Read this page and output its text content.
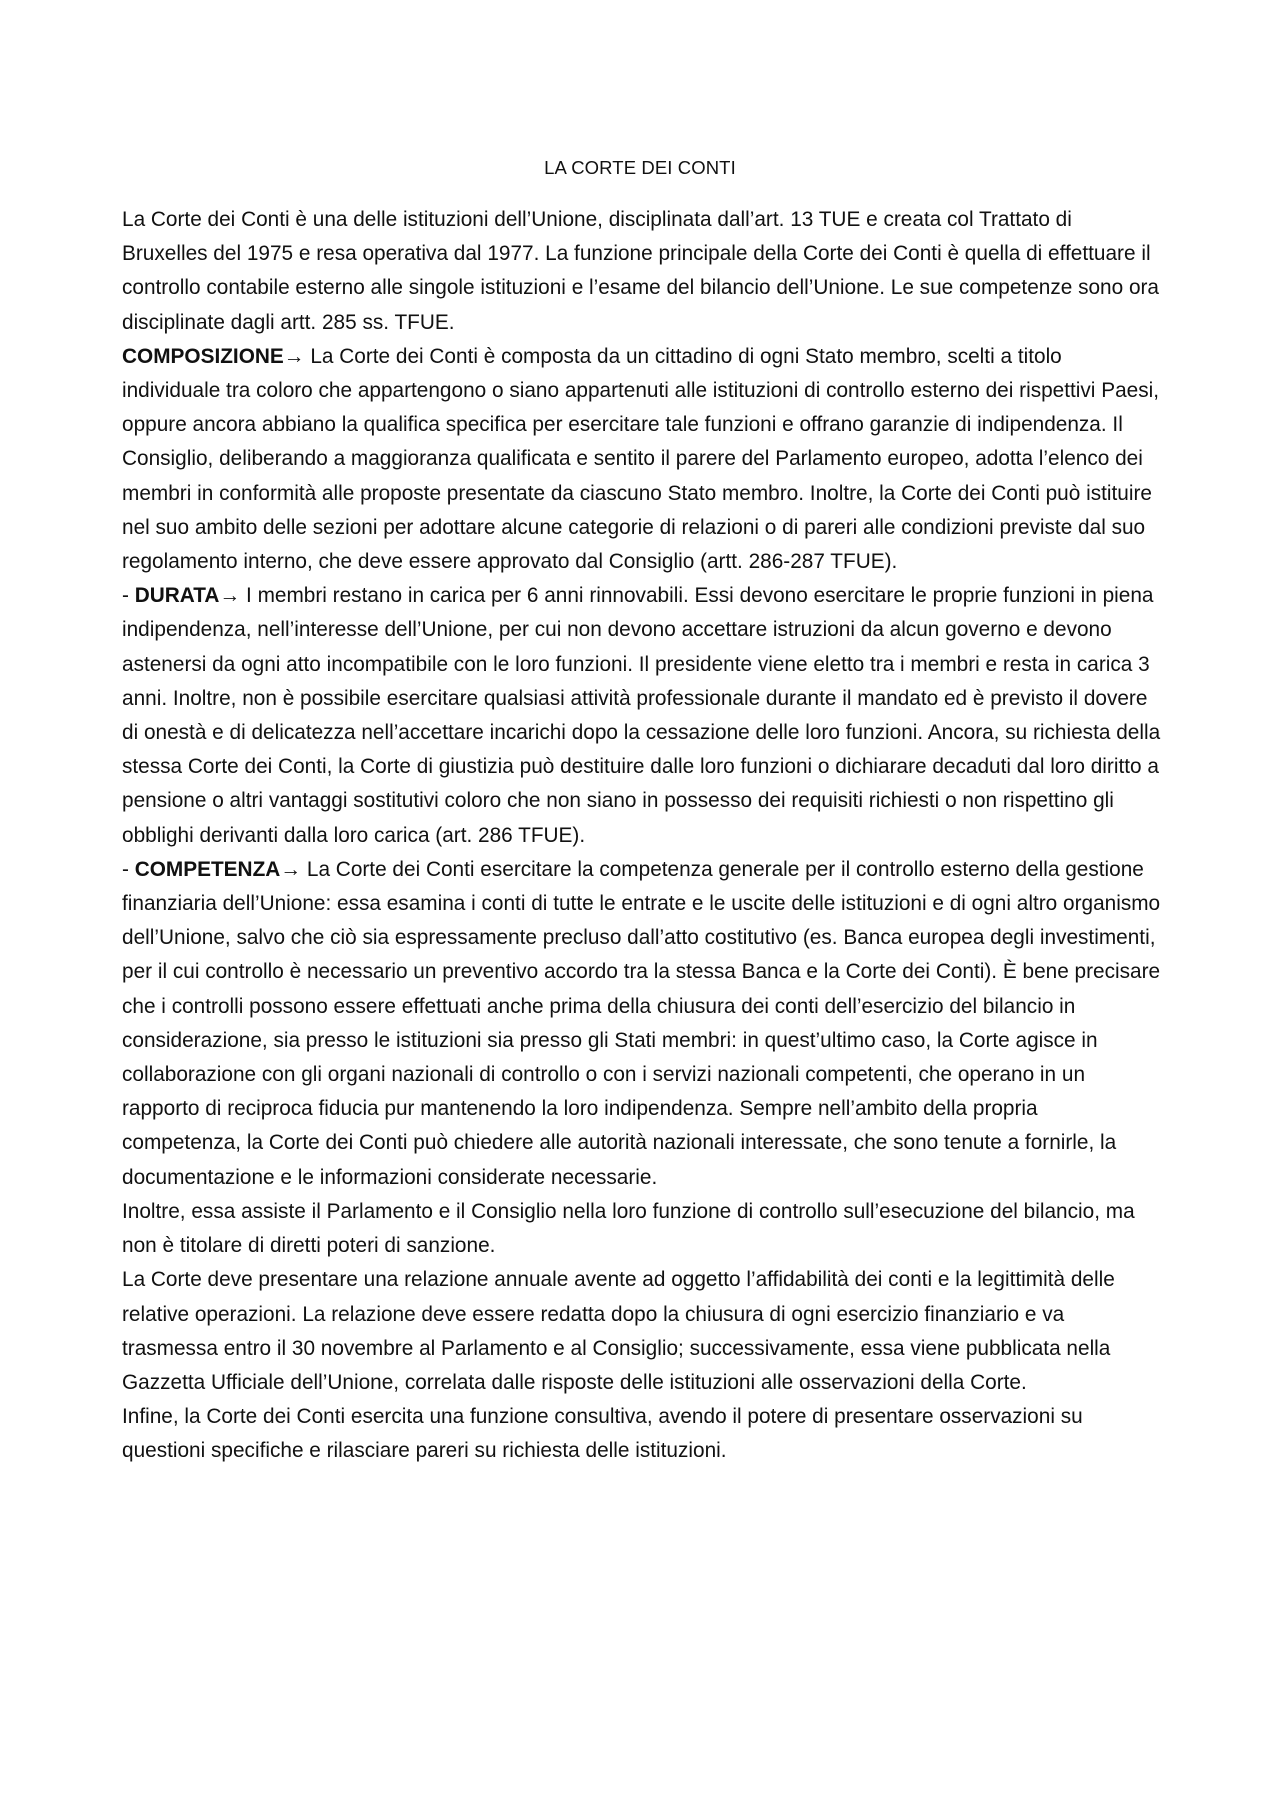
LA CORTE DEI CONTI

La Corte dei Conti è una delle istituzioni dell’Unione, disciplinata dall’art. 13 TUE e creata col Trattato di Bruxelles del 1975 e resa operativa dal 1977. La funzione principale della Corte dei Conti è quella di effettuare il controllo contabile esterno alle singole istituzioni e l’esame del bilancio dell’Unione. Le sue competenze sono ora disciplinate dagli artt. 285 ss. TFUE.

COMPOSIZIONE→ La Corte dei Conti è composta da un cittadino di ogni Stato membro, scelti a titolo individuale tra coloro che appartengono o siano appartenuti alle istituzioni di controllo esterno dei rispettivi Paesi, oppure ancora abbiano la qualifica specifica per esercitare tale funzioni e offrano garanzie di indipendenza. Il Consiglio, deliberando a maggioranza qualificata e sentito il parere del Parlamento europeo, adotta l’elenco dei membri in conformità alle proposte presentate da ciascuno Stato membro. Inoltre, la Corte dei Conti può istituire nel suo ambito delle sezioni per adottare alcune categorie di relazioni o di pareri alle condizioni previste dal suo regolamento interno, che deve essere approvato dal Consiglio (artt. 286-287 TFUE).

- DURATA→ I membri restano in carica per 6 anni rinnovabili. Essi devono esercitare le proprie funzioni in piena indipendenza, nell’interesse dell’Unione, per cui non devono accettare istruzioni da alcun governo e devono astenersi da ogni atto incompatibile con le loro funzioni. Il presidente viene eletto tra i membri e resta in carica 3 anni. Inoltre, non è possibile esercitare qualsiasi attività professionale durante il mandato ed è previsto il dovere di onestà e di delicatezza nell’accettare incarichi dopo la cessazione delle loro funzioni. Ancora, su richiesta della stessa Corte dei Conti, la Corte di giustizia può destituire dalle loro funzioni o dichiarare decaduti dal loro diritto a pensione o altri vantaggi sostitutivi coloro che non siano in possesso dei requisiti richiesti o non rispettino gli obblighi derivanti dalla loro carica (art. 286 TFUE).

- COMPETENZA→ La Corte dei Conti esercitare la competenza generale per il controllo esterno della gestione finanziaria dell’Unione: essa esamina i conti di tutte le entrate e le uscite delle istituzioni e di ogni altro organismo dell’Unione, salvo che ciò sia espressamente precluso dall’atto costitutivo (es. Banca europea degli investimenti, per il cui controllo è necessario un preventivo accordo tra la stessa Banca e la Corte dei Conti). È bene precisare che i controlli possono essere effettuati anche prima della chiusura dei conti dell’esercizio del bilancio in considerazione, sia presso le istituzioni sia presso gli Stati membri: in quest’ultimo caso, la Corte agisce in collaborazione con gli organi nazionali di controllo o con i servizi nazionali competenti, che operano in un rapporto di reciproca fiducia pur mantenendo la loro indipendenza. Sempre nell’ambito della propria competenza, la Corte dei Conti può chiedere alle autorità nazionali interessate, che sono tenute a fornirle, la documentazione e le informazioni considerate necessarie.

Inoltre, essa assiste il Parlamento e il Consiglio nella loro funzione di controllo sull’esecuzione del bilancio, ma non è titolare di diretti poteri di sanzione.

La Corte deve presentare una relazione annuale avente ad oggetto l’affidabilità dei conti e la legittimità delle relative operazioni. La relazione deve essere redatta dopo la chiusura di ogni esercizio finanziario e va trasmessa entro il 30 novembre al Parlamento e al Consiglio; successivamente, essa viene pubblicata nella Gazzetta Ufficiale dell’Unione, correlata dalle risposte delle istituzioni alle osservazioni della Corte.

Infine, la Corte dei Conti esercita una funzione consultiva, avendo il potere di presentare osservazioni su questioni specifiche e rilasciare pareri su richiesta delle istituzioni.
